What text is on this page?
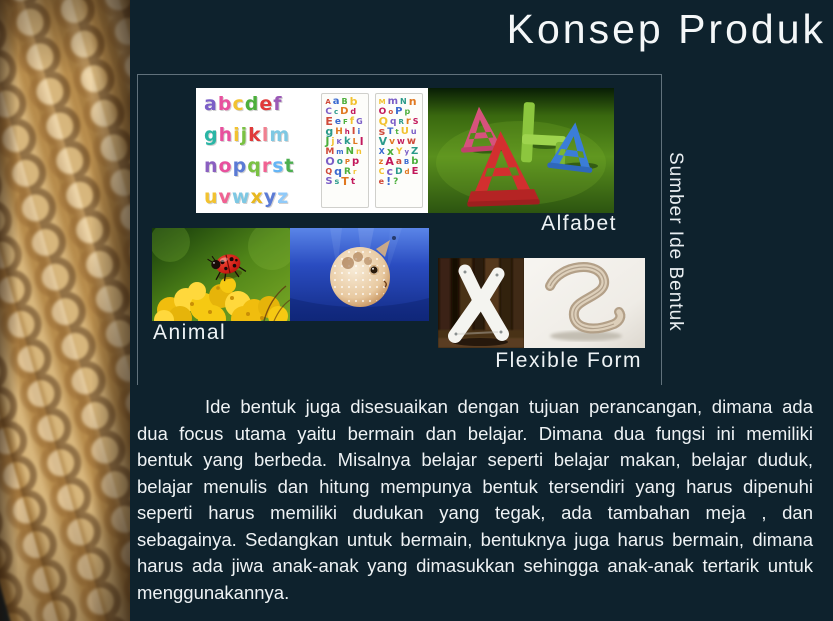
Konsep Produk
a b c d e f
g h i j k l m
n o p q r s t
u v w x y z
A a B b
C c D d
E e F f G
g H h I i
J j K k L l
M m N n
O o P p
Q q R r
S s T t
M m N n
O o P p
Q q R r S
s T t U u
V v W w
X x Y y Z
z A a B b
C c D d E
e ! ?
Alfabet
Animal
Flexible Form
Sumber Ide Bentuk

Ide bentuk juga disesuaikan dengan tujuan perancangan, dimana ada dua focus utama yaitu bermain dan belajar. Dimana dua fungsi ini memiliki bentuk yang berbeda. Misalnya belajar seperti belajar makan, belajar duduk, belajar menulis dan hitung mempunya bentuk tersendiri yang harus dipenuhi seperti harus memiliki dudukan yang tegak, ada tambahan meja , dan sebagainya. Sedangkan untuk bermain, bentuknya juga harus bermain, dimana harus ada jiwa anak-anak yang dimasukkan sehingga anak-anak tertarik untuk menggunakannya.
